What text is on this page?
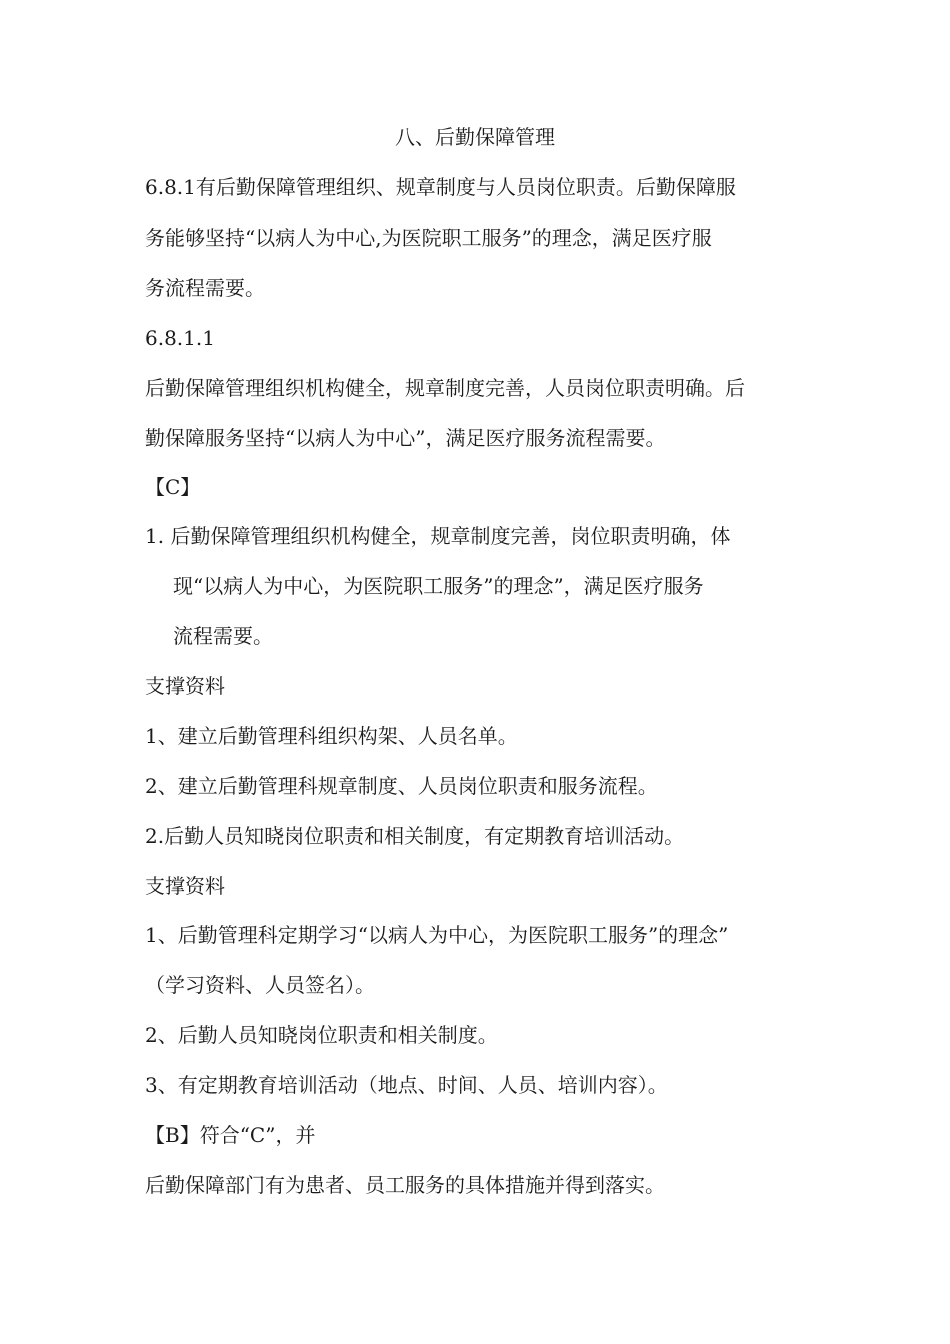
八、后勤保障管理
6.8.1有后勤保障管理组织、规章制度与人员岗位职责。后勤保障服
务能够坚持“以病人为中心,为医院职工服务”的理念，满足医疗服
务流程需要。
6.8.1.1
后勤保障管理组织机构健全，规章制度完善，人员岗位职责明确。后
勤保障服务坚持“以病人为中心”，满足医疗服务流程需要。
【C】
1. 后勤保障管理组织机构健全，规章制度完善，岗位职责明确，体
现“以病人为中心，为医院职工服务”的理念”，满足医疗服务
流程需要。
支撑资料
1、建立后勤管理科组织构架、人员名单。
2、建立后勤管理科规章制度、人员岗位职责和服务流程。
2.后勤人员知晓岗位职责和相关制度，有定期教育培训活动。
支撑资料
1、后勤管理科定期学习“以病人为中心，为医院职工服务”的理念”
（学习资料、人员签名）。
2、后勤人员知晓岗位职责和相关制度。
3、有定期教育培训活动（地点、时间、人员、培训内容）。
【B】符合“C”，并
后勤保障部门有为患者、员工服务的具体措施并得到落实。
